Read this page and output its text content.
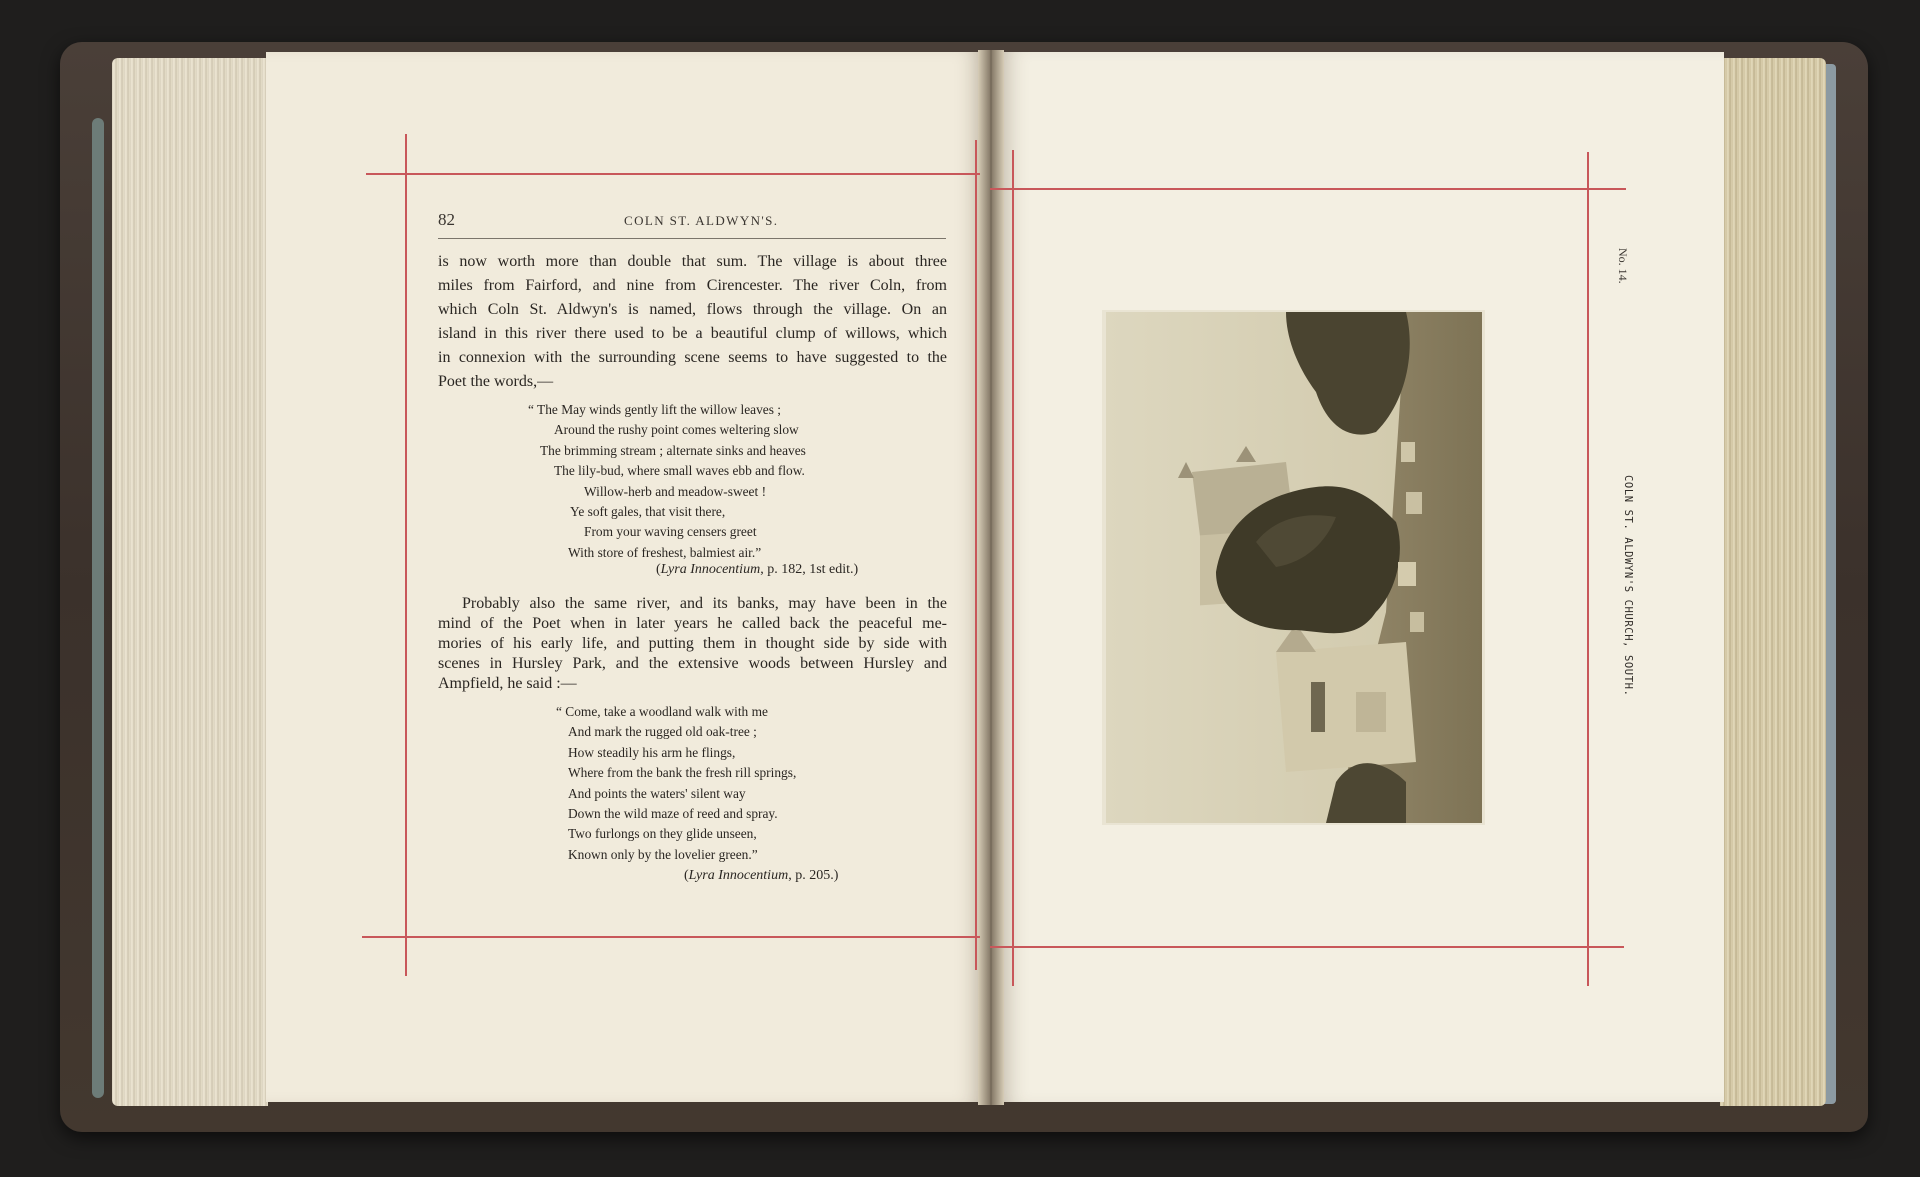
82	COLN ST. ALDWYN'S.

is now worth more than double that sum. The village is about three

miles from Fairford, and nine from Cirencester. The river Coln, from

which Coln St. Aldwyn's is named, flows through the village. On an

island in this river there used to be a beautiful clump of willows, which

in connexion with the surrounding scene seems to have suggested to the

Poet the words,—

“ The May winds gently lift the willow leaves ;
Around the rushy point comes weltering slow
The brimming stream ; alternate sinks and heaves
The lily-bud, where small waves ebb and flow.
Willow-herb and meadow-sweet !
Ye soft gales, that visit there,
From your waving censers greet
With store of freshest, balmiest air.”
(Lyra Innocentium, p. 182, 1st edit.)

Probably also the same river, and its banks, may have been in the

mind of the Poet when in later years he called back the peaceful me-

mories of his early life, and putting them in thought side by side with

scenes in Hursley Park, and the extensive woods between Hursley and

Ampfield, he said :—

“ Come, take a woodland walk with me
And mark the rugged old oak-tree ;
How steadily his arm he flings,
Where from the bank the fresh rill springs,
And points the waters' silent way
Down the wild maze of reed and spray.
Two furlongs on they glide unseen,
Known only by the lovelier green.”
(Lyra Innocentium, p. 205.)
No. 14.
COLN ST. ALDWYN'S CHURCH, SOUTH.
